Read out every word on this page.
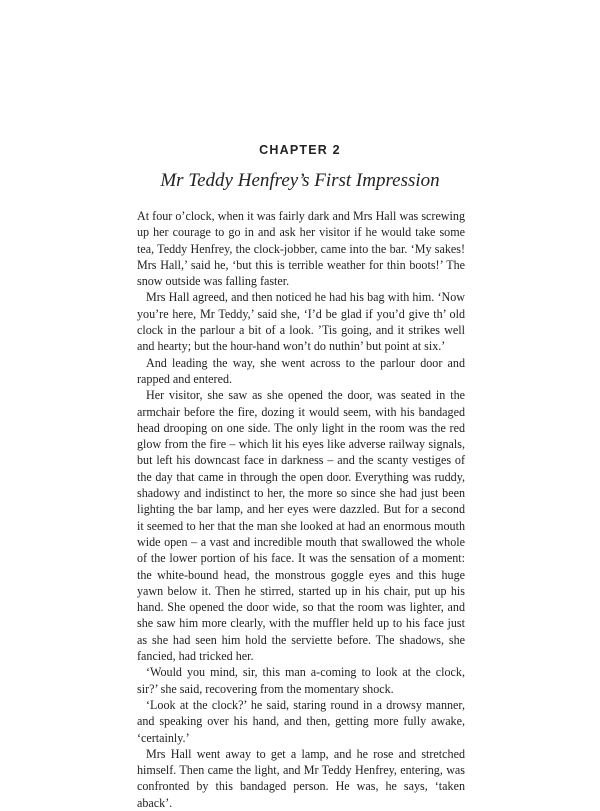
CHAPTER 2
Mr Teddy Henfrey’s First Impression

At four o’clock, when it was fairly dark and Mrs Hall was screwing up her courage to go in and ask her visitor if he would take some tea, Teddy Henfrey, the clock-jobber, came into the bar. ‘My sakes! Mrs Hall,’ said he, ‘but this is terrible weather for thin boots!’ The snow outside was falling faster.

Mrs Hall agreed, and then noticed he had his bag with him. ‘Now you’re here, Mr Teddy,’ said she, ‘I’d be glad if you’d give th’ old clock in the parlour a bit of a look. ’Tis going, and it strikes well and hearty; but the hour-hand won’t do nuthin’ but point at six.’

And leading the way, she went across to the parlour door and rapped and entered.

Her visitor, she saw as she opened the door, was seated in the armchair before the fire, dozing it would seem, with his bandaged head drooping on one side. The only light in the room was the red glow from the fire – which lit his eyes like adverse railway signals, but left his downcast face in darkness – and the scanty vestiges of the day that came in through the open door. Everything was ruddy, shadowy and indistinct to her, the more so since she had just been lighting the bar lamp, and her eyes were dazzled. But for a second it seemed to her that the man she looked at had an enormous mouth wide open – a vast and incredible mouth that swallowed the whole of the lower portion of his face. It was the sensation of a moment: the white-bound head, the monstrous goggle eyes and this huge yawn below it. Then he stirred, started up in his chair, put up his hand. She opened the door wide, so that the room was lighter, and she saw him more clearly, with the muffler held up to his face just as she had seen him hold the serviette before. The shadows, she fancied, had tricked her.

‘Would you mind, sir, this man a-coming to look at the clock, sir?’ she said, recovering from the momentary shock.

‘Look at the clock?’ he said, staring round in a drowsy manner, and speaking over his hand, and then, getting more fully awake, ‘certainly.’

Mrs Hall went away to get a lamp, and he rose and stretched himself. Then came the light, and Mr Teddy Henfrey, entering, was confronted by this bandaged person. He was, he says, ‘taken aback’.
